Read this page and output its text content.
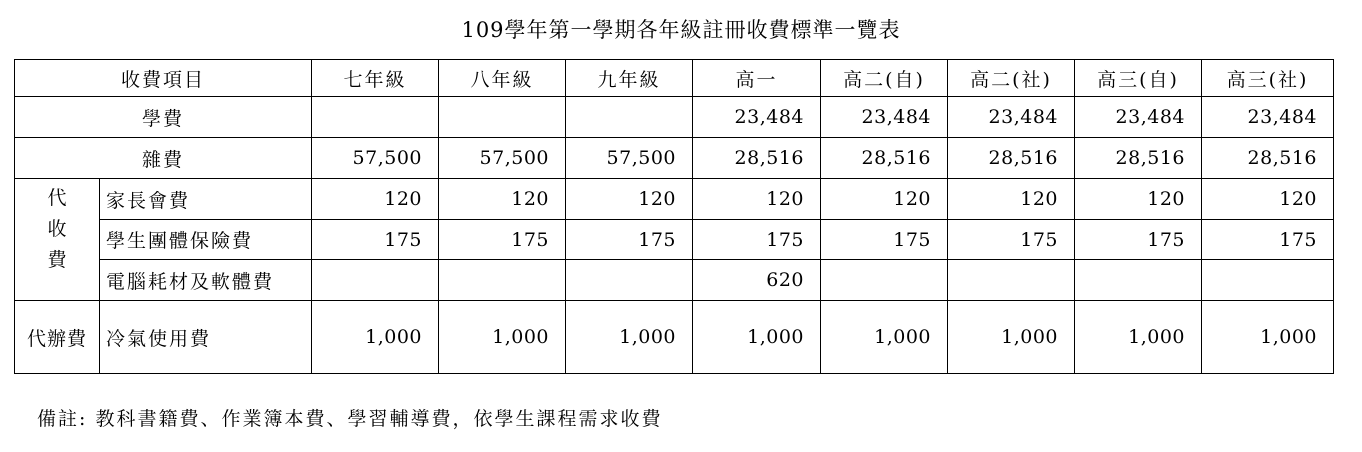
109學年第一學期各年級註冊收費標準一覽表
收費項目		七年級	八年級	九年級	高一	高二(自)	高二(社)	高三(自)	高三(社)
學費					23,484	23,484	23,484	23,484	23,484
雜費		57,500	57,500	57,500	28,516	28,516	28,516	28,516	28,516

代
收
費	家長會費	120	120	120	120	120	120	120	120
	學生團體保險費	175	175	175	175	175	175	175	175
	電腦耗材及軟體費				620				
代辦費	冷氣使用費	1,000	1,000	1,000	1,000	1,000	1,000	1,000	1,000
備註: 教科書籍費、作業簿本費、學習輔導費，依學生課程需求收費
